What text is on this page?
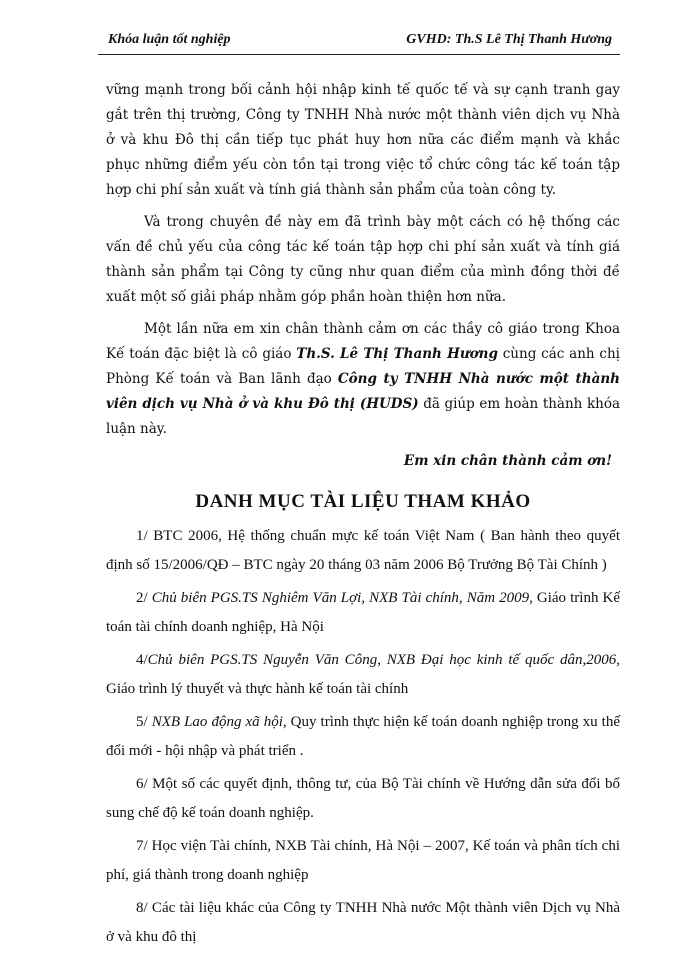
Khóa luận tốt nghiệp	GVHD: Th.S Lê Thị Thanh Hương

vững mạnh trong bối cảnh hội nhập kinh tế quốc tế và sự cạnh tranh gay gắt trên thị trường, Công ty TNHH Nhà nước một thành viên dịch vụ Nhà ở và khu Đô thị cần tiếp tục phát huy hơn nữa các điểm mạnh và khắc phục những điểm yếu còn tồn tại trong việc tổ chức công tác kế toán tập hợp chi phí sản xuất và tính giá thành sản phẩm của toàn công ty.

Và trong chuyên đề này em đã trình bày một cách có hệ thống các vấn đề chủ yếu của công tác kế toán tập hợp chi phí sản xuất và tính giá thành sản phẩm tại Công ty cũng như quan điểm của mình đồng thời đề xuất một số giải pháp nhằm góp phần hoàn thiện hơn nữa.

Một lần nữa em xin chân thành cảm ơn các thầy cô giáo trong Khoa Kế toán đặc biệt là cô giáo Th.S. Lê Thị Thanh Hương cùng các anh chị Phòng Kế toán và Ban lãnh đạo Công ty TNHH Nhà nước một thành viên dịch vụ Nhà ở và khu Đô thị (HUDS) đã giúp em hoàn thành khóa luận này.

Em xin chân thành cảm ơn!

DANH MỤC TÀI LIỆU THAM KHẢO

1/ BTC 2006, Hệ thống chuẩn mực kế toán Việt Nam ( Ban hành theo quyết định số 15/2006/QĐ – BTC ngày 20 tháng 03 năm 2006 Bộ Trưởng Bộ Tài Chính )

2/ Chủ biên PGS.TS Nghiêm Văn Lợi, NXB Tài chính, Năm 2009, Giáo trình Kế toán tài chính doanh nghiệp, Hà Nội

4/Chủ biên PGS.TS Nguyễn Văn Công, NXB Đại học kinh tế quốc dân,2006, Giáo trình lý thuyết và thực hành kế toán tài chính

5/ NXB Lao động xã hội, Quy trình thực hiện kế toán doanh nghiệp trong xu thế đổi mới - hội nhập và phát triển .

6/ Một số các quyết định, thông tư, của Bộ Tài chính về Hướng dẫn sửa đổi bổ sung chế độ kế toán doanh nghiệp.

7/ Học viện Tài chính, NXB Tài chính, Hà Nội – 2007, Kế toán và phân tích chi phí, giá thành trong doanh nghiệp

8/ Các tài liệu khác của Công ty TNHH Nhà nước Một thành viên Dịch vụ Nhà ở và khu đô thị
